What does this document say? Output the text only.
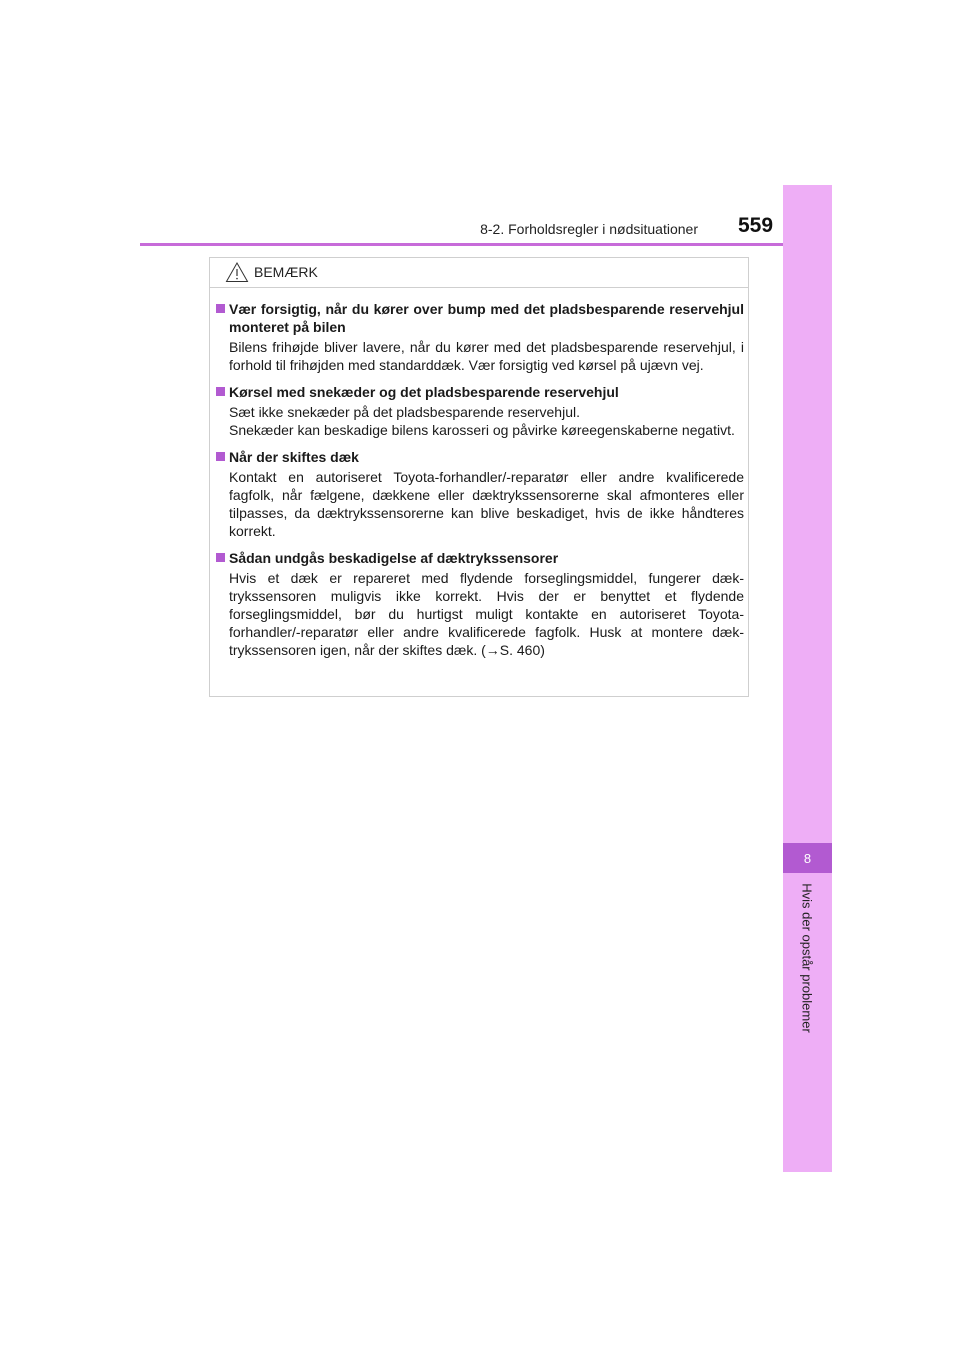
8-2. Forholdsregler i nødsituationer 559
8
Hvis der opstår problemer
BEMÆRK
Vær forsigtig, når du kører over bump med det pladsbesparende reservehjul monteret på bilen
Bilens frihøjde bliver lavere, når du kører med det pladsbesparende reservehjul, i forhold til frihøjden med standarddæk. Vær forsigtig ved kørsel på ujævn vej.
Kørsel med snekæder og det pladsbesparende reservehjul
Sæt ikke snekæder på det pladsbesparende reservehjul.
Snekæder kan beskadige bilens karosseri og påvirke køreegenskaberne negativt.
Når der skiftes dæk
Kontakt en autoriseret Toyota-forhandler/-reparatør eller andre kvalificerede fagfolk, når fælgene, dækkene eller dæktrykssensorerne skal afmonteres eller tilpasses, da dæktrykssensorerne kan blive beskadiget, hvis de ikke håndteres korrekt.
Sådan undgås beskadigelse af dæktrykssensorer
Hvis et dæk er repareret med flydende forseglingsmiddel, fungerer dæktrykssensoren muligvis ikke korrekt. Hvis der er benyttet et flydende forseglingsmiddel, bør du hurtigst muligt kontakte en autoriseret Toyota-forhandler/-reparatør eller andre kvalificerede fagfolk. Husk at montere dæktrykssensoren igen, når der skiftes dæk. (→S. 460)
